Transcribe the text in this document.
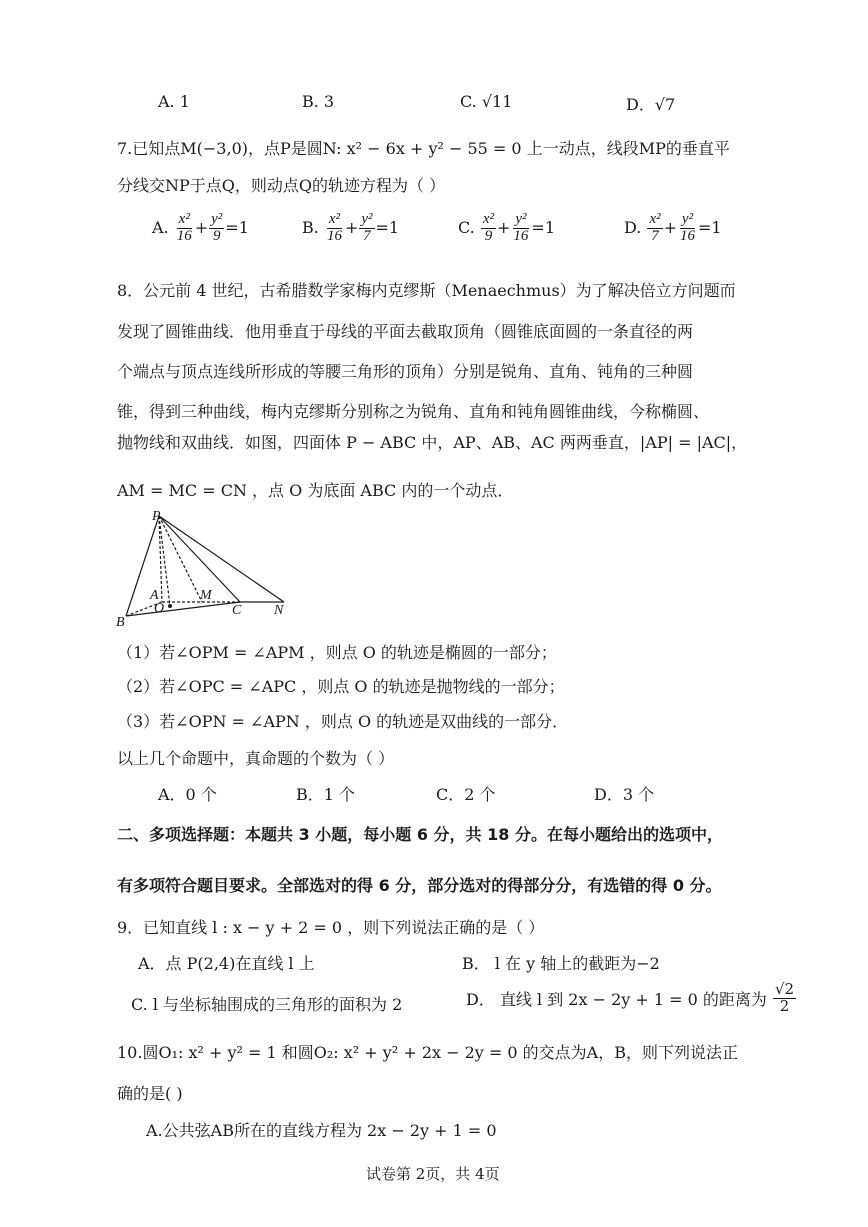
A. 1	B. 3	C. √11	D．√7
7.已知点M(−3,0)，点P是圆N: x² − 6x + y² − 55 = 0 上一动点，线段MP的垂直平
分线交NP于点Q，则动点Q的轨迹方程为（ ）
A. $\frac{\text{x²}}{16} + \frac{\text{y²}}{9} =1$	B. $\frac{\text{x²}}{16} + \frac{\text{y²}}{7} =1$	C. $\frac{\text{x²}}{9} + \frac{\text{y²}}{16} =1$	D. $\frac{\text{x²}}{7} + \frac{\text{y²}}{16} =1$
8．公元前 4 世纪，古希腊数学家梅内克缪斯（Menaechmus）为了解决倍立方问题而
发现了圆锥曲线．他用垂直于母线的平面去截取顶角（圆锥底面圆的一条直径的两
个端点与顶点连线所形成的等腰三角形的顶角）分别是锐角、直角、钝角的三种圆
锥，得到三种曲线，梅内克缪斯分别称之为锐角、直角和钝角圆锥曲线，今称椭圆、
抛物线和双曲线．如图，四面体 P − ABC 中，AP、AB、AC 两两垂直，|AP| = |AC|，
AM = MC = CN ，点 O 为底面 ABC 内的一个动点．
P
A	M
O	C N
B
（1）若∠OPM = ∠APM ，则点 O 的轨迹是椭圆的一部分；
（2）若∠OPC = ∠APC ，则点 O 的轨迹是抛物线的一部分；
（3）若∠OPN = ∠APN ，则点 O 的轨迹是双曲线的一部分．
以上几个命题中，真命题的个数为（ ）
A．0 个	B．1 个	C．2 个	D．3 个
二、多项选择题：本题共 3 小题，每小题 6 分，共 18 分。在每小题给出的选项中，
有多项符合题目要求。全部选对的得 6 分，部分选对的得部分分，有选错的得 0 分。
9．已知直线 l : x − y + 2 = 0 ，则下列说法正确的是（ ）
A．点 P(2,4)在直线 l 上	B． l 在 y 轴上的截距为−2
C. l 与坐标轴围成的三角形的面积为 2	D． 直线 l 到 2x − 2y + 1 = 0 的距离为 $\frac{√2}{2}$
10.圆O₁: x² + y² = 1 和圆O₂: x² + y² + 2x − 2y = 0 的交点为A，B，则下列说法正
确的是( )
A.公共弦AB所在的直线方程为 2x − 2y + 1 = 0
试卷第 2页，共 4页
